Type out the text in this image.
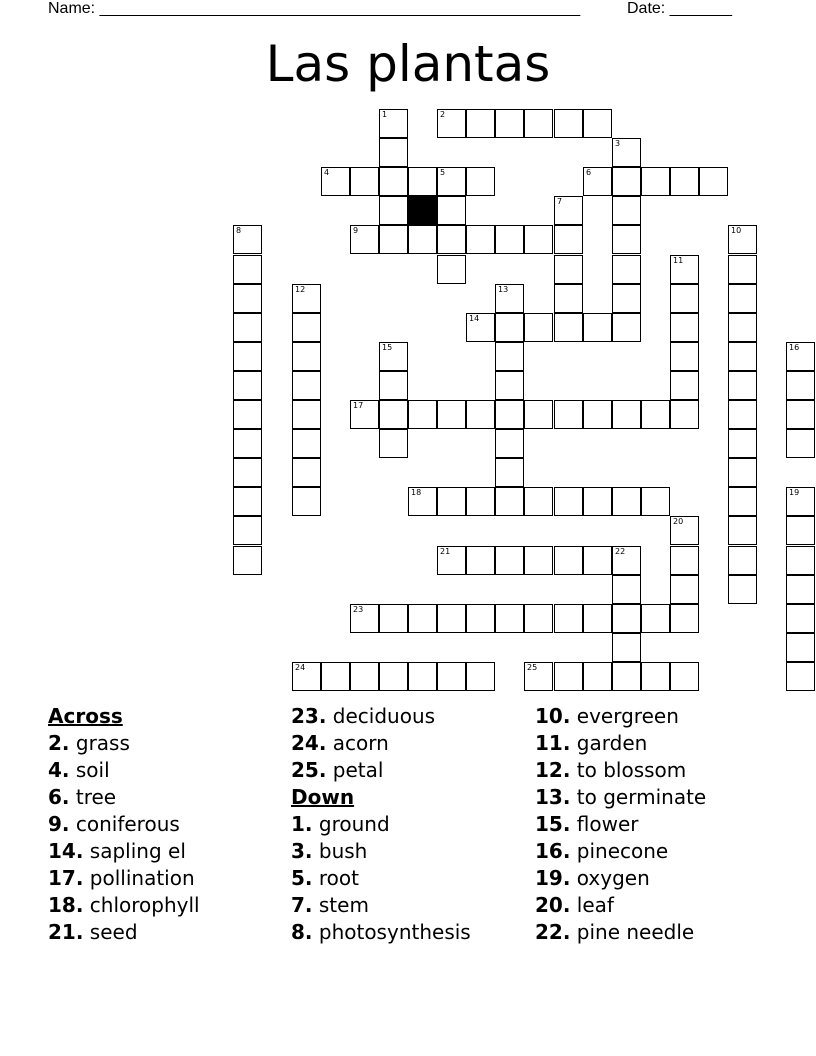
Name: ______________________________________________________	Date: _______
Las plantas
1	2
3
4	5	6
7
8	9	10
11
12	13
14
15	16
17
18	19
20
21	22
23
24	25
Across
2. grass
4. soil
6. tree
9. coniferous
14. sapling el
17. pollination
18. chlorophyll
21. seed
23. deciduous
24. acorn
25. petal
Down
1. ground
3. bush
5. root
7. stem
8. photosynthesis
10. evergreen
11. garden
12. to blossom
13. to germinate
15. flower
16. pinecone
19. oxygen
20. leaf
22. pine needle
